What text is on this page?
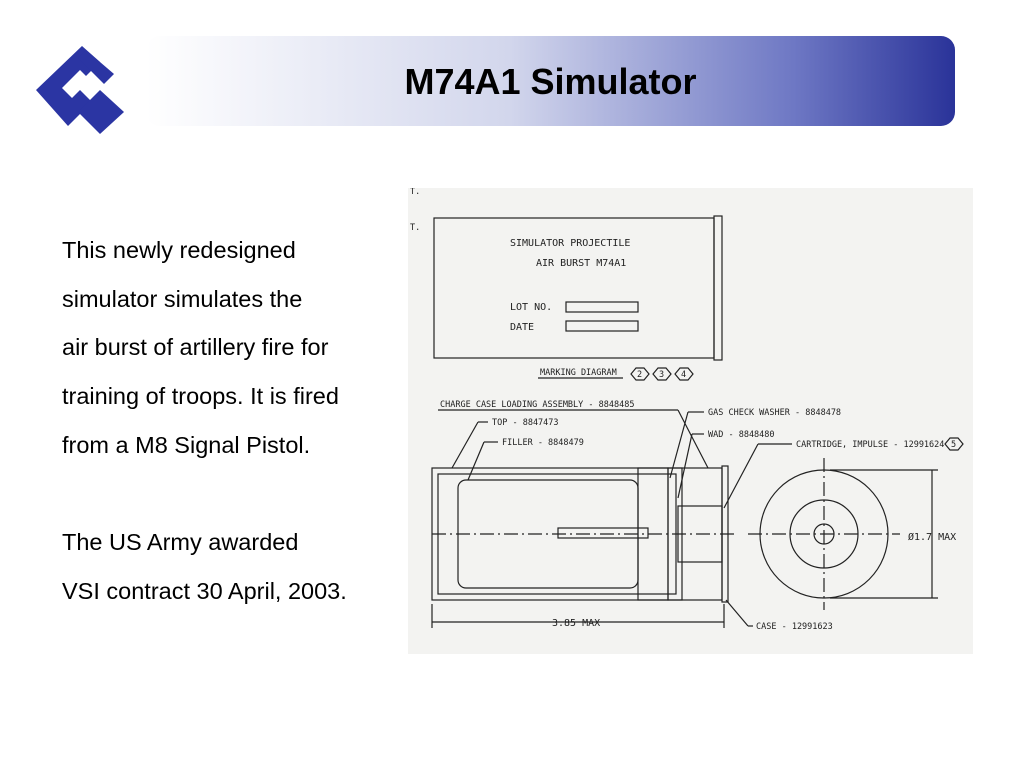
M74A1 Simulator
This newly redesigned
simulator simulates the
air burst of artillery fire for
training of troops. It is fired
from a M8 Signal Pistol.
The US Army awarded
VSI contract 30 April, 2003.
T.
T.
SIMULATOR PROJECTILE
AIR BURST M74A1
LOT NO.
DATE
MARKING DIAGRAM 2 3 4
CHARGE CASE LOADING ASSEMBLY - 8848485
TOP - 8847473
FILLER - 8848479
GAS CHECK WASHER - 8848478
WAD - 8848480
CARTRIDGE, IMPULSE - 12991624 5
Ø1.7 MAX
3.85 MAX	CASE - 12991623
